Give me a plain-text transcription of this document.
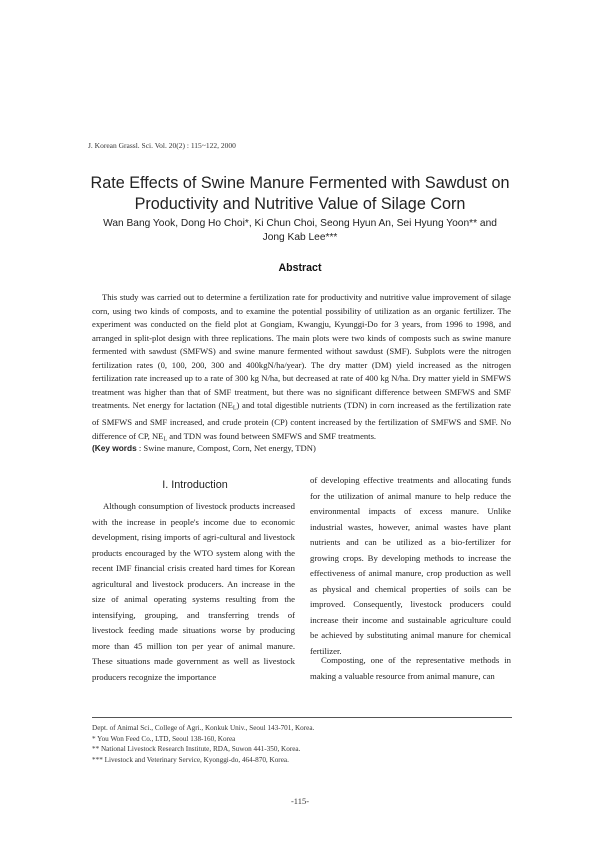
J. Korean Grassl. Sci. Vol. 20(2) : 115~122, 2000
Rate Effects of Swine Manure Fermented with Sawdust on
Productivity and Nutritive Value of Silage Corn
Wan Bang Yook, Dong Ho Choi*, Ki Chun Choi, Seong Hyun An, Sei Hyung Yoon** and
Jong Kab Lee***
Abstract

This study was carried out to determine a fertilization rate for productivity and nutritive value improvement of silage corn, using two kinds of composts, and to examine the potential possibility of utilization as an organic fertilizer. The experiment was conducted on the field plot at Gongiam, Kwangju, Kyunggi-Do for 3 years, from 1996 to 1998, and arranged in split-plot design with three replications. The main plots were two kinds of composts such as swine manure fermented with sawdust (SMFWS) and swine manure fermented without sawdust (SMF). Subplots were the nitrogen fertilization rates (0, 100, 200, 300 and 400kgN/ha/year). The dry matter (DM) yield increased as the nitrogen fertilization rate increased up to a rate of 300 kg N/ha, but decreased at rate of 400 kg N/ha. Dry matter yield in SMFWS treatment was higher than that of SMF treatment, but there was no significant difference between SMFWS and SMF treatments. Net energy for lactation $(NE_L)$ and total digestible nutrients (TDN) in corn increased as the fertilization rate of SMFWS and SMF increased, and crude protein (CP) content increased by the fertilization of SMFWS and SMF. No difference of CP, $NE_L$ and TDN was found between SMFWS and SMF treatments.

(Key words : Swine manure, Compost, Corn, Net energy, TDN)

I. Introduction

Although consumption of livestock products increased with the increase in people's income due to economic development, rising imports of agri-cultural and livestock products encouraged by the WTO system along with the recent IMF financial crisis created hard times for Korean agricultural and livestock producers. An increase in the size of animal operating systems resulting from the intensifying, grouping, and transferring trends of livestock feeding made situations worse by producing more than 45 million ton per year of animal manure. These situations made government as well as livestock producers recognize the importance

of developing effective treatments and allocating funds for the utilization of animal manure to help reduce the environmental impacts of excess manure. Unlike industrial wastes, however, animal wastes have plant nutrients and can be utilized as a bio-fertilizer for growing crops. By developing methods to increase the effectiveness of animal manure, crop production as well as physical and chemical properties of soils can be improved. Consequently, livestock producers could increase their income and sustainable agriculture could be achieved by substituting animal manure for chemical fertilizer.

Composting, one of the representative methods in making a valuable resource from animal manure, can

Dept. of Animal Sci., College of Agri., Konkuk Univ., Seoul 143-701, Korea.
* You Won Feed Co., LTD, Seoul 138-160, Korea
** National Livestock Research Institute, RDA, Suwon 441-350, Korea.
*** Livestock and Veterinary Service, Kyonggi-do, 464-870, Korea.
-115-
